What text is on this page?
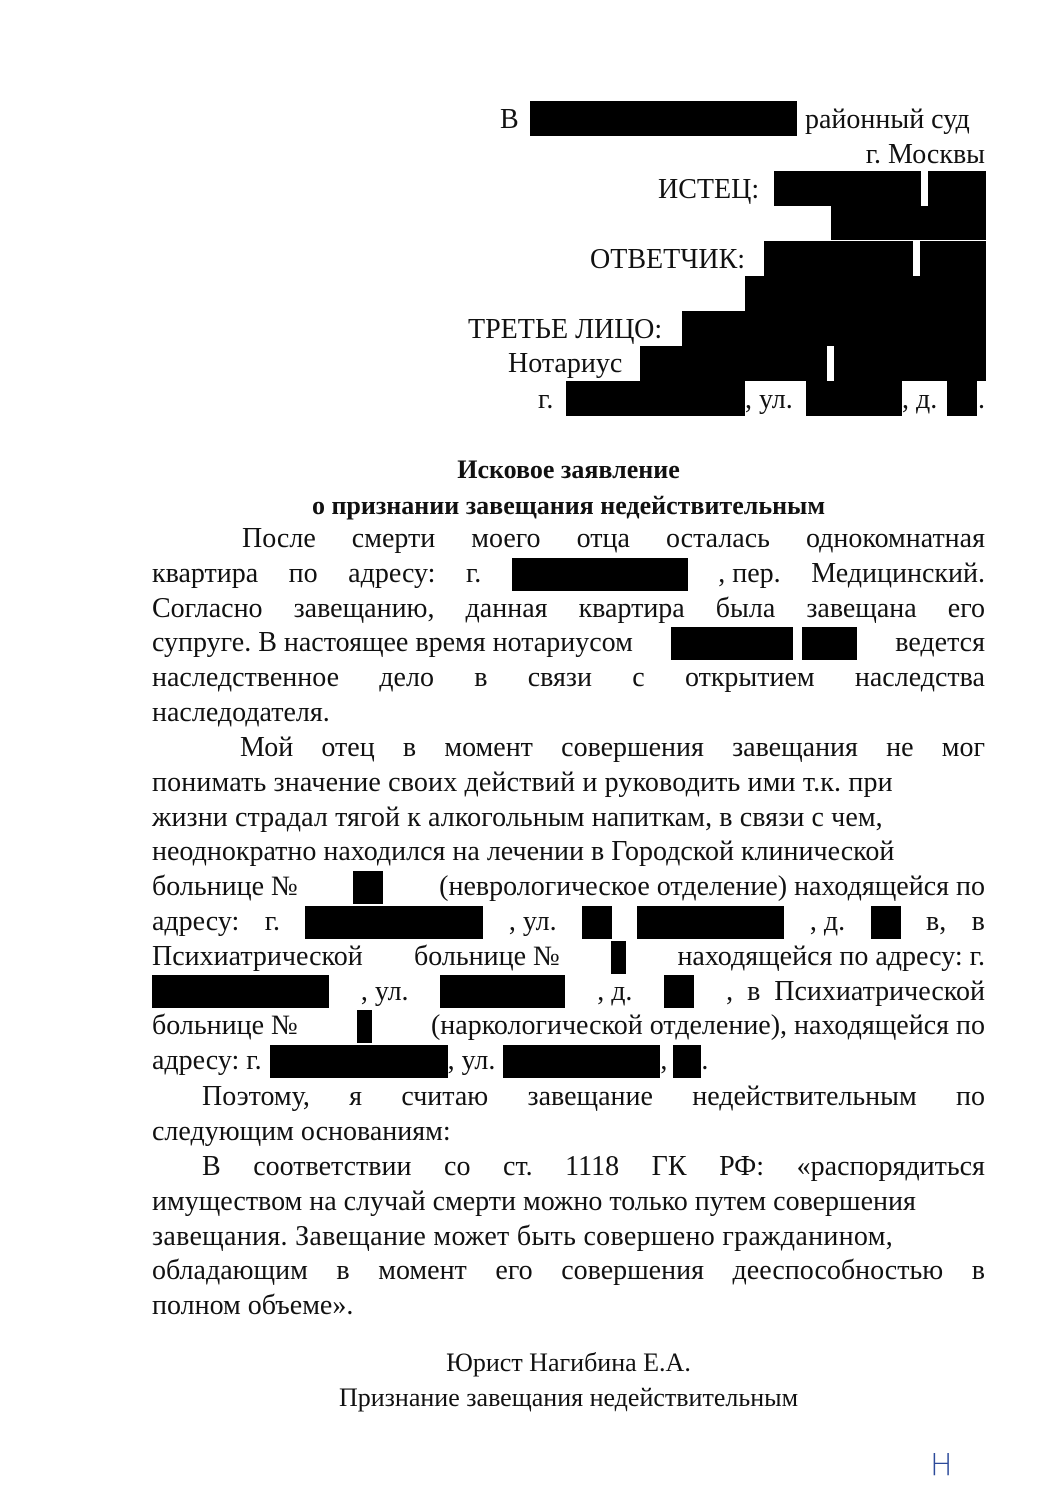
В	районный суд
г. Москвы
ИСТЕЦ:
ОТВЕТЧИК:
ТРЕТЬЕ ЛИЦО:
Нотариус
г.	, ул.	, д. .
Исковое заявление
о признании завещания недействительным
После смерти моего отца осталась однокомнатная
квартира по адресу: г.	, пер. Медицинский.
Согласно завещанию, данная квартира была завещана его
супруге. В настоящее время нотариусом	ведется
наследственное дело в связи с открытием наследства
наследодателя.
Мой отец в момент совершения завещания не мог
понимать значение своих действий и руководить ими т.к. при
жизни страдал тягой к алкогольным напиткам, в связи с чем,
неоднократно находился на лечении в Городской клинической
больнице №	(неврологическое отделение) находящейся по
адресу: г.	, ул.	, д.	в, в
Психиатрической больнице №	находящейся по адресу: г.
, ул.	, д.	,  в  Психиатрической
больнице №	(наркологической отделение), находящейся по
адресу: г.	, ул.	, .
Поэтому, я считаю завещание недействительным по
следующим основаниям:
В соответствии со ст. 1118 ГК РФ: «распорядиться
имуществом на случай смерти можно только путем совершения
завещания. Завещание может быть совершено гражданином,
обладающим в момент его совершения дееспособностью в
полном объеме».
Юрист Нагибина Е.А.
Признание завещания недействительным
Н
